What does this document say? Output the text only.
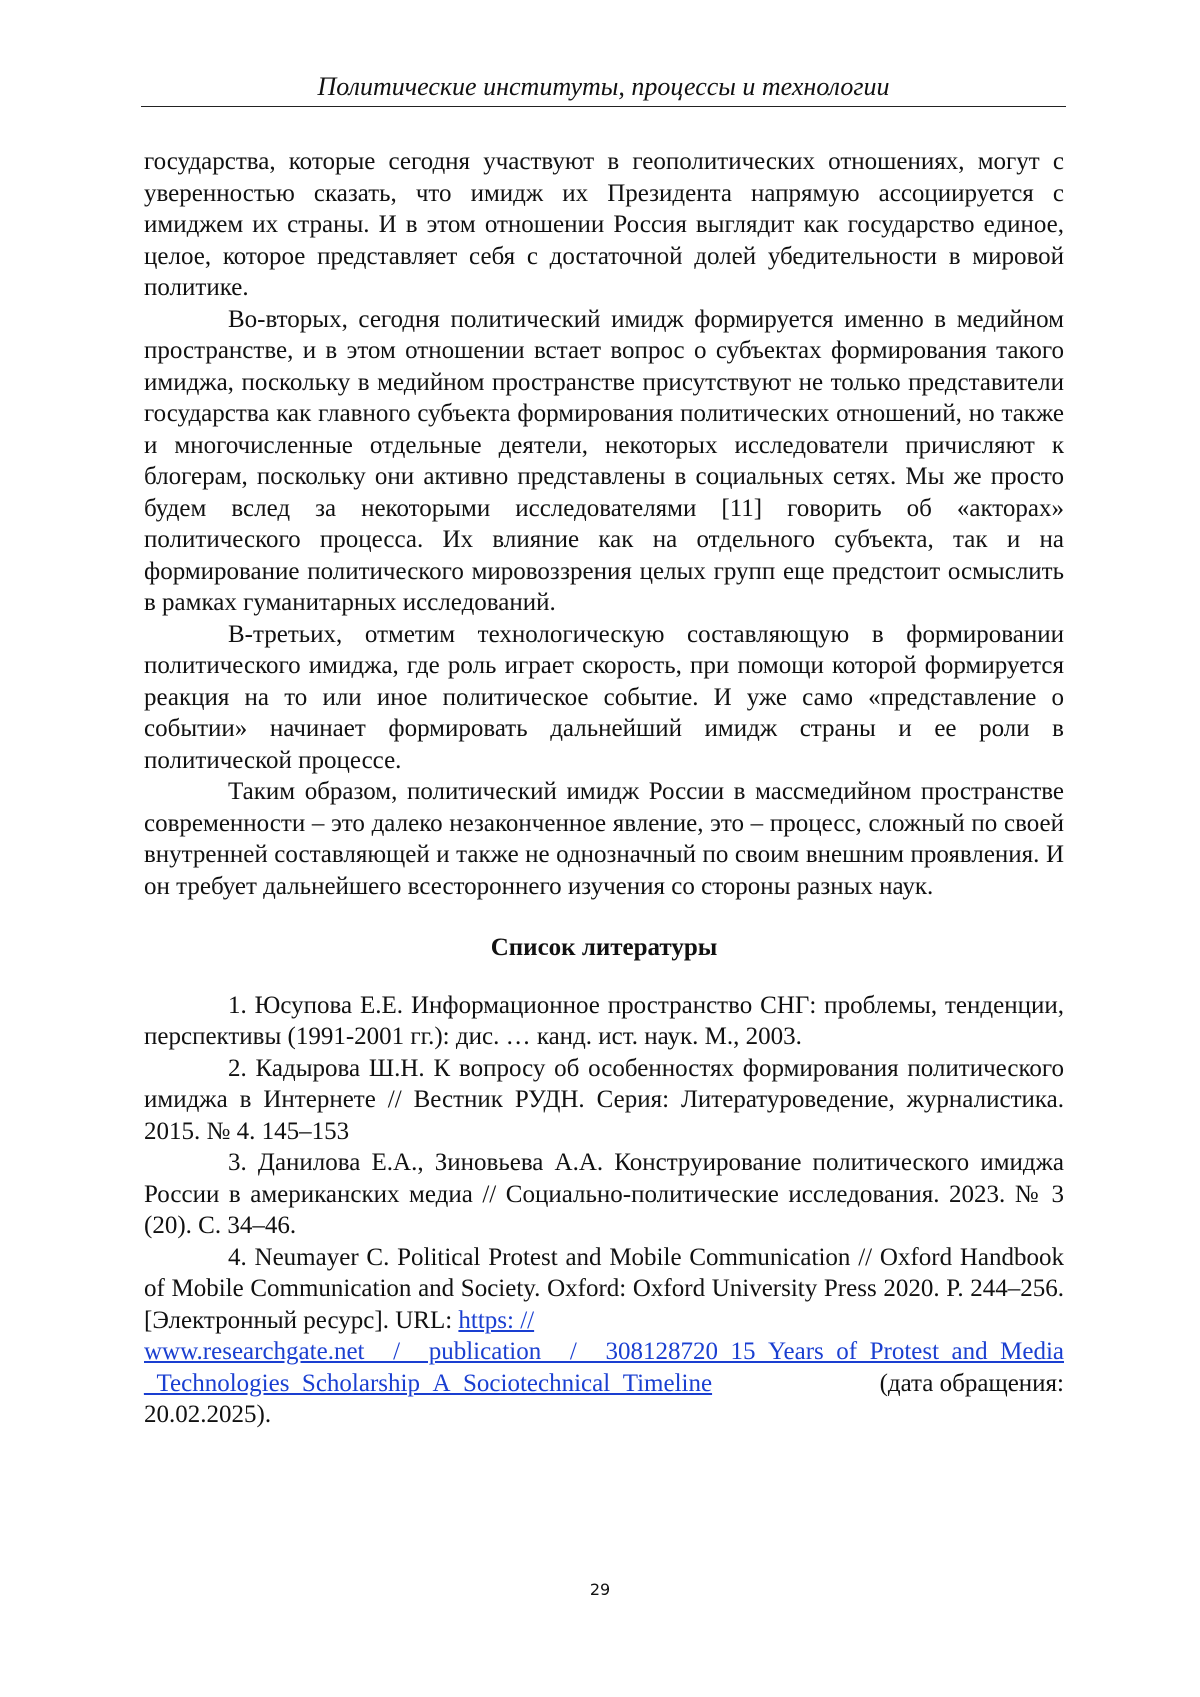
Политические институты, процессы и технологии

государства, которые сегодня участвуют в геополитических отношениях, могут с уверенностью сказать, что имидж их Президента напрямую ассоциируется с имиджем их страны. И в этом отношении Россия выглядит как государство единое, целое, которое представляет себя с достаточной долей убедительности в мировой политике.

Во-вторых, сегодня политический имидж формируется именно в медийном пространстве, и в этом отношении встает вопрос о субъектах формирования такого имиджа, поскольку в медийном пространстве присутствуют не только представители государства как главного субъекта формирования политических отношений, но также и многочисленные отдельные деятели, некоторых исследователи причисляют к блогерам, поскольку они активно представлены в социальных сетях. Мы же просто будем вслед за некоторыми исследователями [11] говорить об «акторах» политического процесса. Их влияние как на отдельного субъекта, так и на формирование политического мировоззрения целых групп еще предстоит осмыслить в рамках гуманитарных исследований.

В-третьих, отметим технологическую составляющую в формировании политического имиджа, где роль играет скорость, при помощи которой формируется реакция на то или иное политическое событие. И уже само «представление о событии» начинает формировать дальнейший имидж страны и ее роли в политической процессе.

Таким образом, политический имидж России в массмедийном пространстве современности – это далеко незаконченное явление, это – процесс, сложный по своей внутренней составляющей и также не однозначный по своим внешним проявления. И он требует дальнейшего всестороннего изучения со стороны разных наук.

Список литературы

1. Юсупова Е.Е. Информационное пространство СНГ: проблемы, тенденции, перспективы (1991-2001 гг.): дис. … канд. ист. наук. М., 2003.

2. Кадырова Ш.Н. К вопросу об особенностях формирования политического имиджа в Интернете // Вестник РУДН. Серия: Литературоведение, журналистика. 2015. № 4. 145–153

3. Данилова Е.А., Зиновьева А.А. Конструирование политического имиджа России в американских медиа // Социально-политические исследования. 2023. № 3 (20). С. 34–46.

4. Neumayer C. Political Protest and Mobile Communication // Oxford Handbook of Mobile Communication and Society. Oxford: Oxford University Press 2020. P. 244–256. [Электронный ресурс]. URL: https: //

www.researchgate.net / publication / 308128720_15_Years_of_Protest_and_Media
_Technologies_Scholarship_A_Sociotechnical_Timeline	(дата обращения:
20.02.2025).
29
